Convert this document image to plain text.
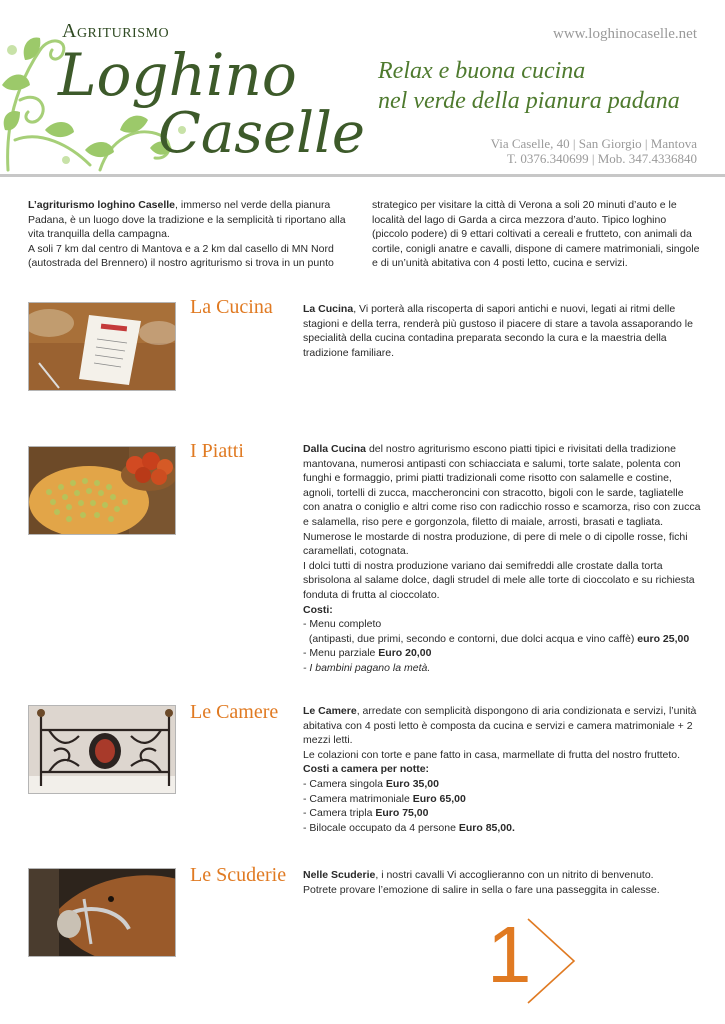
Agriturismo
Loghino
Caselle
www.loghinocaselle.net
Relax e buona cucina
nel verde della pianura padana
Via Caselle, 40 | San Giorgio | Mantova
T. 0376.340699 | Mob. 347.4336840
L’agriturismo loghino Caselle, immerso nel verde della pianura Padana, è un luogo dove la tradizione e la semplicità ti riportano alla vita tranquilla della campagna.
A soli 7 km dal centro di Mantova e a 2 km dal casello di MN Nord (autostrada del Brennero) il nostro agriturismo si trova in un punto
strategico per visitare la città di Verona a soli 20 minuti d’auto e le località del lago di Garda a circa mezzora d’auto. Tipico loghino (piccolo podere) di 9 ettari coltivati a cereali e frutteto, con animali da cortile, conigli anatre e cavalli, dispone di camere matrimoniali, singole e di un’unità abitativa con 4 posti letto, cucina e servizi.
La Cucina	La Cucina, Vi porterà alla riscoperta di sapori antichi e nuovi, legati ai ritmi delle stagioni e della terra, renderà più gustoso il piacere di stare a tavola assaporando le specialità della cucina contadina preparata secondo la cura e la maestria della tradizione familiare.
I Piatti	Dalla Cucina del nostro agriturismo escono piatti tipici e rivisitati della tradizione mantovana, numerosi antipasti con schiacciata e salumi, torte salate, polenta con funghi e formaggio, primi piatti tradizionali come risotto con salamelle e costine, agnoli, tortelli di zucca, maccheroncini con stracotto, bigoli con le sarde, tagliatelle con anatra o coniglio e altri come riso con radicchio rosso e scamorza, riso con zucca e salamella, riso pere e gorgonzola, filetto di maiale, arrosti, brasati e tagliata.
Numerose le mostarde di nostra produzione, di pere di mele o di cipolle rosse, fichi caramellati, cotognata.
I dolci tutti di nostra produzione variano dai semifreddi alle crostate dalla torta sbrisolona al salame dolce, dagli strudel di mele alle torte di cioccolato e su richiesta fonduta di frutta al cioccolato.
Costi:
- Menu completo
(antipasti, due primi, secondo e contorni, due dolci acqua e vino caffè) euro 25,00
- Menu parziale Euro 20,00
- I bambini pagano la metà.
Le Camere Le Camere, arredate con semplicità dispongono di aria condizionata e servizi, l’unità abitativa con 4 posti letto è composta da cucina e servizi e camera matrimoniale + 2 mezzi letti.
Le colazioni con torte e pane fatto in casa, marmellate di frutta del nostro frutteto.
Costi a camera per notte:
- Camera singola Euro 35,00
- Camera matrimoniale Euro 65,00
- Camera tripla Euro 75,00
- Bilocale occupato da 4 persone Euro 85,00.
Le Scuderie Nelle Scuderie, i nostri cavalli Vi accoglieranno con un nitrito di benvenuto.
Potrete provare l’emozione di salire in sella o fare una passeggita in calesse.
1
